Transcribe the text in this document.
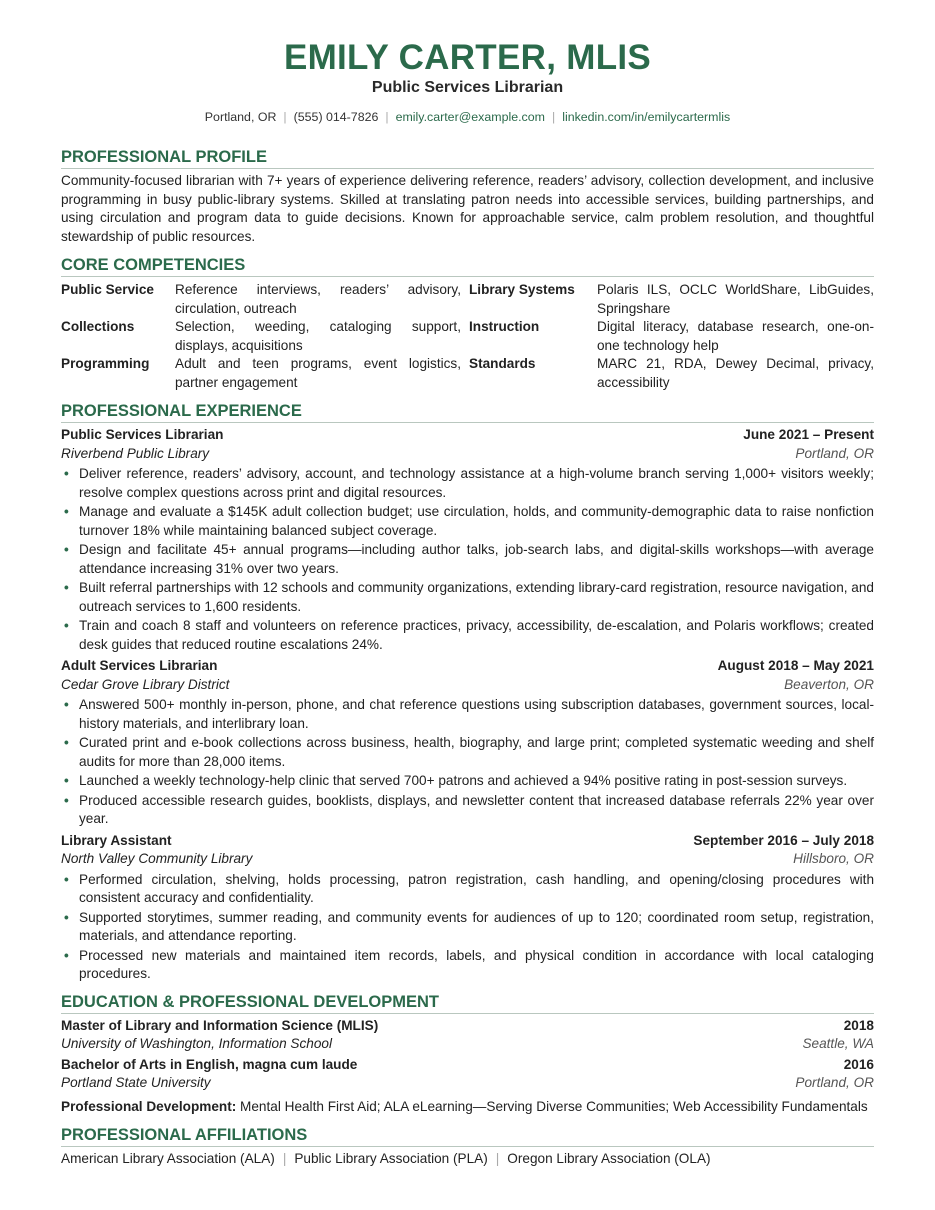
EMILY CARTER, MLIS
Public Services Librarian
Portland, OR | (555) 014-7826 | emily.carter@example.com | linkedin.com/in/emilycartermlis
PROFESSIONAL PROFILE
Community-focused librarian with 7+ years of experience delivering reference, readers’ advisory, collection development, and inclusive programming in busy public-library systems. Skilled at translating patron needs into accessible services, building partnerships, and using circulation and program data to guide decisions. Known for approachable service, calm problem resolution, and thoughtful stewardship of public resources.
CORE COMPETENCIES
Public Service	Reference interviews, readers’ advisory, circulation, outreach
Library Systems	Polaris ILS, OCLC WorldShare, LibGuides, Springshare
Collections	Selection, weeding, cataloging support, displays, acquisitions
Instruction	Digital literacy, database research, one-on-one technology help
Programming	Adult and teen programs, event logistics, partner engagement
Standards	MARC 21, RDA, Dewey Decimal, privacy, accessibility
PROFESSIONAL EXPERIENCE
Public Services Librarian	June 2021 – Present
Riverbend Public Library	Portland, OR
• Deliver reference, readers’ advisory, account, and technology assistance at a high-volume branch serving 1,000+ visitors weekly; resolve complex questions across print and digital resources.
• Manage and evaluate a $145K adult collection budget; use circulation, holds, and community-demographic data to raise nonfiction turnover 18% while maintaining balanced subject coverage.
• Design and facilitate 45+ annual programs—including author talks, job-search labs, and digital-skills workshops—with average attendance increasing 31% over two years.
• Built referral partnerships with 12 schools and community organizations, extending library-card registration, resource navigation, and outreach services to 1,600 residents.
• Train and coach 8 staff and volunteers on reference practices, privacy, accessibility, de-escalation, and Polaris workflows; created desk guides that reduced routine escalations 24%.
Adult Services Librarian	August 2018 – May 2021
Cedar Grove Library District	Beaverton, OR
• Answered 500+ monthly in-person, phone, and chat reference questions using subscription databases, government sources, local-history materials, and interlibrary loan.
• Curated print and e-book collections across business, health, biography, and large print; completed systematic weeding and shelf audits for more than 28,000 items.
• Launched a weekly technology-help clinic that served 700+ patrons and achieved a 94% positive rating in post-session surveys.
• Produced accessible research guides, booklists, displays, and newsletter content that increased database referrals 22% year over year.
Library Assistant	September 2016 – July 2018
North Valley Community Library	Hillsboro, OR
• Performed circulation, shelving, holds processing, patron registration, cash handling, and opening/closing procedures with consistent accuracy and confidentiality.
• Supported storytimes, summer reading, and community events for audiences of up to 120; coordinated room setup, registration, materials, and attendance reporting.
• Processed new materials and maintained item records, labels, and physical condition in accordance with local cataloging procedures.
EDUCATION & PROFESSIONAL DEVELOPMENT
Master of Library and Information Science (MLIS)	2018
University of Washington, Information School	Seattle, WA
Bachelor of Arts in English, magna cum laude	2016
Portland State University	Portland, OR
Professional Development: Mental Health First Aid; ALA eLearning—Serving Diverse Communities; Web Accessibility Fundamentals
PROFESSIONAL AFFILIATIONS
American Library Association (ALA) | Public Library Association (PLA) | Oregon Library Association (OLA)
